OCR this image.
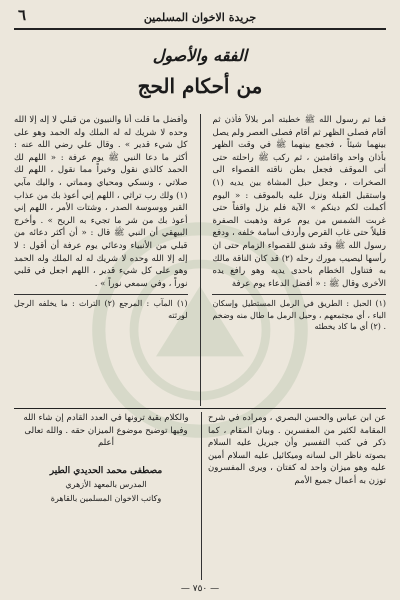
٦	جريدة الاخوان المسلمين
الفقه والأصول
من أحكام الحج
فما تم رسول الله ﷺ خطبته أمر بلالاً فأذن ثم أقام فصلى الظهر ثم أقام فصلى العصر ولم يصل بينهما شيئاً ، فجمع بينهما ﷺ في وقت الظهر بأذان واحد واقامتين ، ثم ركب ﷺ راحلته حتى أتى الموقف فجعل بطن ناقته القصواء الى الصخرات ، وجعل حبل المشاة بين يديه (١) واستقبل القبلة ونزل عليه بالموقف : « اليوم أكملت لكم دينكم » الآية فلم يزل واقفاً حتى غربت الشمس من يوم عرفة وذهبت الصفرة قليلاً حتى غاب القرص وأردف أسامة خلفه ، ودفع رسول الله ﷺ وقد شنق للقصواء الزمام حتى ان رأسها ليصيب مورك رحله (٢) قد كان الناقة مالك به فتناول الخطام باحدى يديه وهو رافع يده الأخرى وقال ﷺ : « أفضل الدعاء يوم عرفة
(١) الحبل : الطريق في الرمل المستطيل وإسكان الباء ، أي مجتمعهم ، وحبل الرمل ما طال منه وضخم . (٢) أي ما كاد يخطئه
وأفضل ما قلت أنا والنبيون من قبلي لا إله إلا الله وحده لا شريك له له الملك وله الحمد وهو على كل شيء قدير » . وقال علي رضي الله عنه : أكثر ما دعا النبي ﷺ يوم عرفة : « اللهم لك الحمد كالذي نقول وخيراً مما نقول ، اللهم لك صلاتي ، ونسكي ومحياي ومماتي ، واليك مآبي (١) ولك رب تراثي ، اللهم إني أعوذ بك من عذاب القبر ووسوسة الصدر ، وشتات الأمر ، اللهم إني أعوذ بك من شر ما تجيء به الريح » . وأخرج البيهقي أن النبي ﷺ قال : « أن أكثر دعائه من قبلي من الأنبياء ودعائي يوم عرفة أن أقول : لا إله إلا الله وحده لا شريك له له الملك وله الحمد وهو على كل شيء قدير ، اللهم اجعل في قلبي نوراً ، وفي سمعي نوراً » .
(١) المآب : المرجع (٢) التراث : ما يخلفه الرجل لورثته
عن ابن عباس والحسن البصري ، ومراده في شرح المقامة لكثير من المفسرين . وبيان المقام ، كما ذكر في كتب التفسير وأن جبريل عليه السلام بصوته ناظر الى لسانه وميكائيل عليه السلام أمين عليه وهو ميزان واحد له كفتان ، ويرى المفسرون توزن به أعمال جميع الأمم
والكلام بقية ترونها في العدد القادم إن شاء الله وفيها توضيح موضوع الميزان حقه . والله تعالى أعلم
مصطفى محمد الحديدي الطير
المدرس بالمعهد الأزهري
وكاتب الاخوان المسلمين بالقاهرة
— ٧٥٠ —
